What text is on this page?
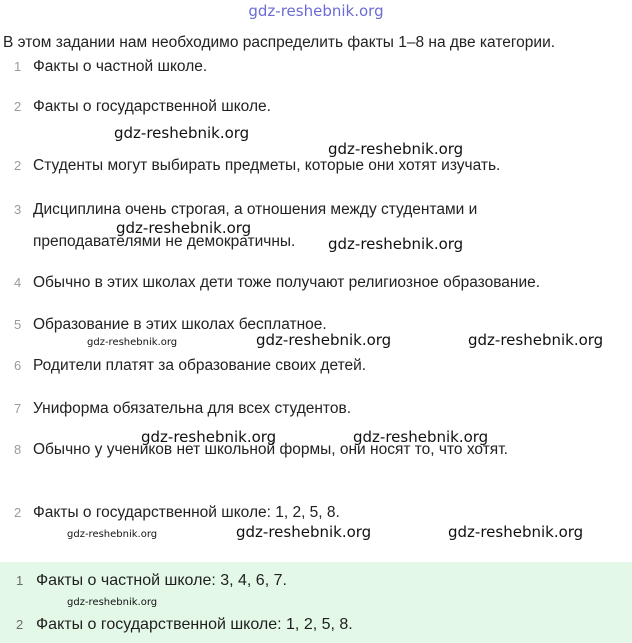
gdz-reshebnik.org
В этом задании нам необходимо распределить факты 1–8 на две категории.
1 Факты о частной школе.
2 Факты о государственной школе.
2 Студенты могут выбирать предметы, которые они хотят изучать.
3 Дисциплина очень строгая, а отношения между студентами и
преподавателями не демократичны.
4 Обычно в этих школах дети тоже получают религиозное образование.
5 Образование в этих школах бесплатное.
6 Родители платят за образование своих детей.
7 Униформа обязательна для всех студентов.
8 Обычно у учеников нет школьной формы, они носят то, что хотят.
2 Факты о государственной школе: 1, 2, 5, 8.
1 Факты о частной школе: 3, 4, 6, 7.
2 Факты о государственной школе: 1, 2, 5, 8.
gdz-reshebnik.org
gdz-reshebnik.org
gdz-reshebnik.org
gdz-reshebnik.org
gdz-reshebnik.org	gdz-reshebnik.org	gdz-reshebnik.org
gdz-reshebnik.org	gdz-reshebnik.org
gdz-reshebnik.org	gdz-reshebnik.org	gdz-reshebnik.org
gdz-reshebnik.org
